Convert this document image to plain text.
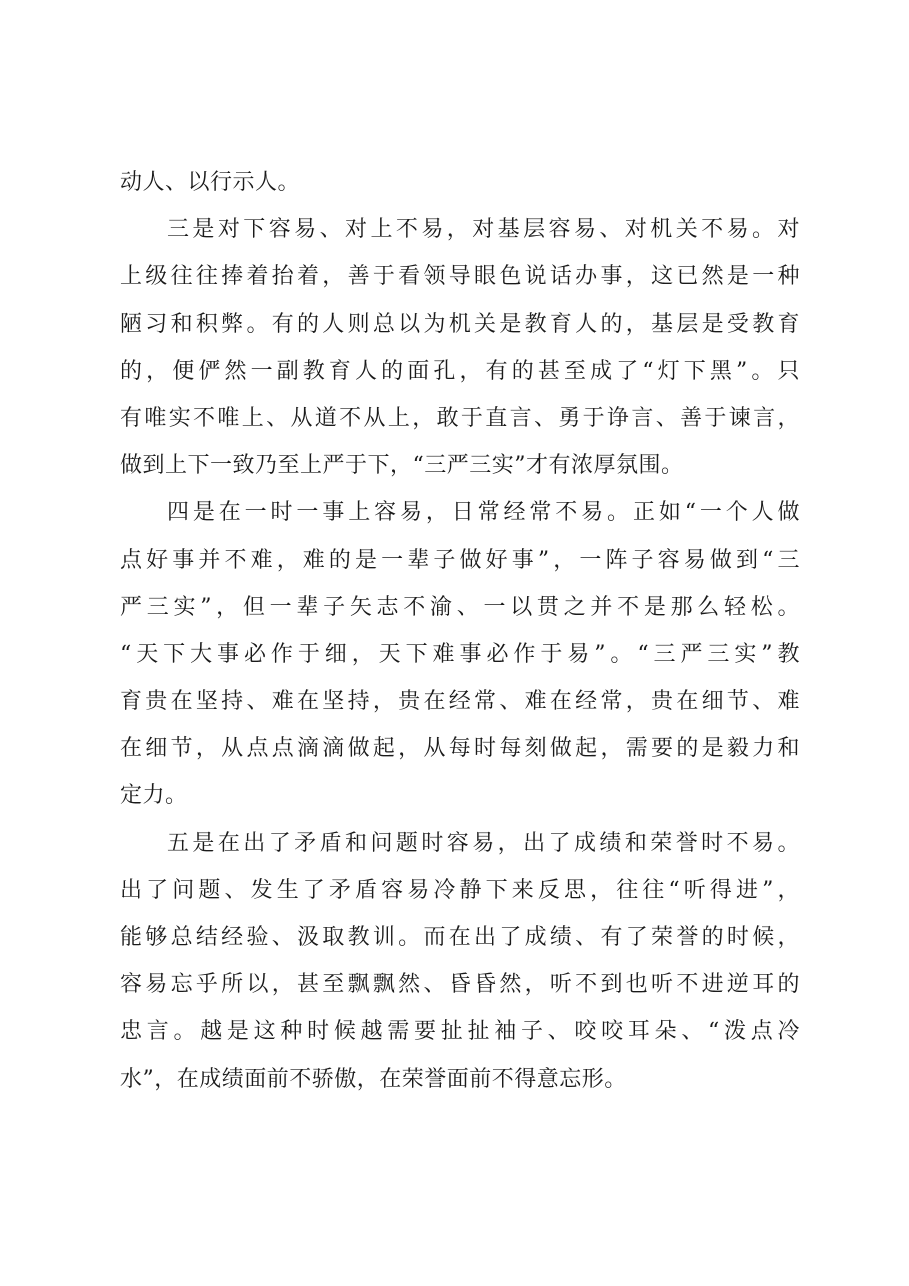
动人、以行示人。
三是对下容易、对上不易，对基层容易、对机关不易。对
上级往往捧着抬着，善于看领导眼色说话办事，这已然是一种
陋习和积弊。有的人则总以为机关是教育人的，基层是受教育
的，便俨然一副教育人的面孔，有的甚至成了“灯下黑”。只
有唯实不唯上、从道不从上，敢于直言、勇于诤言、善于谏言，
做到上下一致乃至上严于下，“三严三实”才有浓厚氛围。
四是在一时一事上容易，日常经常不易。正如“一个人做
点好事并不难，难的是一辈子做好事”，一阵子容易做到“三
严三实”，但一辈子矢志不渝、一以贯之并不是那么轻松。
“天下大事必作于细，天下难事必作于易”。“三严三实”教
育贵在坚持、难在坚持，贵在经常、难在经常，贵在细节、难
在细节，从点点滴滴做起，从每时每刻做起，需要的是毅力和
定力。
五是在出了矛盾和问题时容易，出了成绩和荣誉时不易。
出了问题、发生了矛盾容易冷静下来反思，往往“听得进”，
能够总结经验、汲取教训。而在出了成绩、有了荣誉的时候，
容易忘乎所以，甚至飘飘然、昏昏然，听不到也听不进逆耳的
忠言。越是这种时候越需要扯扯袖子、咬咬耳朵、“泼点冷
水”，在成绩面前不骄傲，在荣誉面前不得意忘形。
